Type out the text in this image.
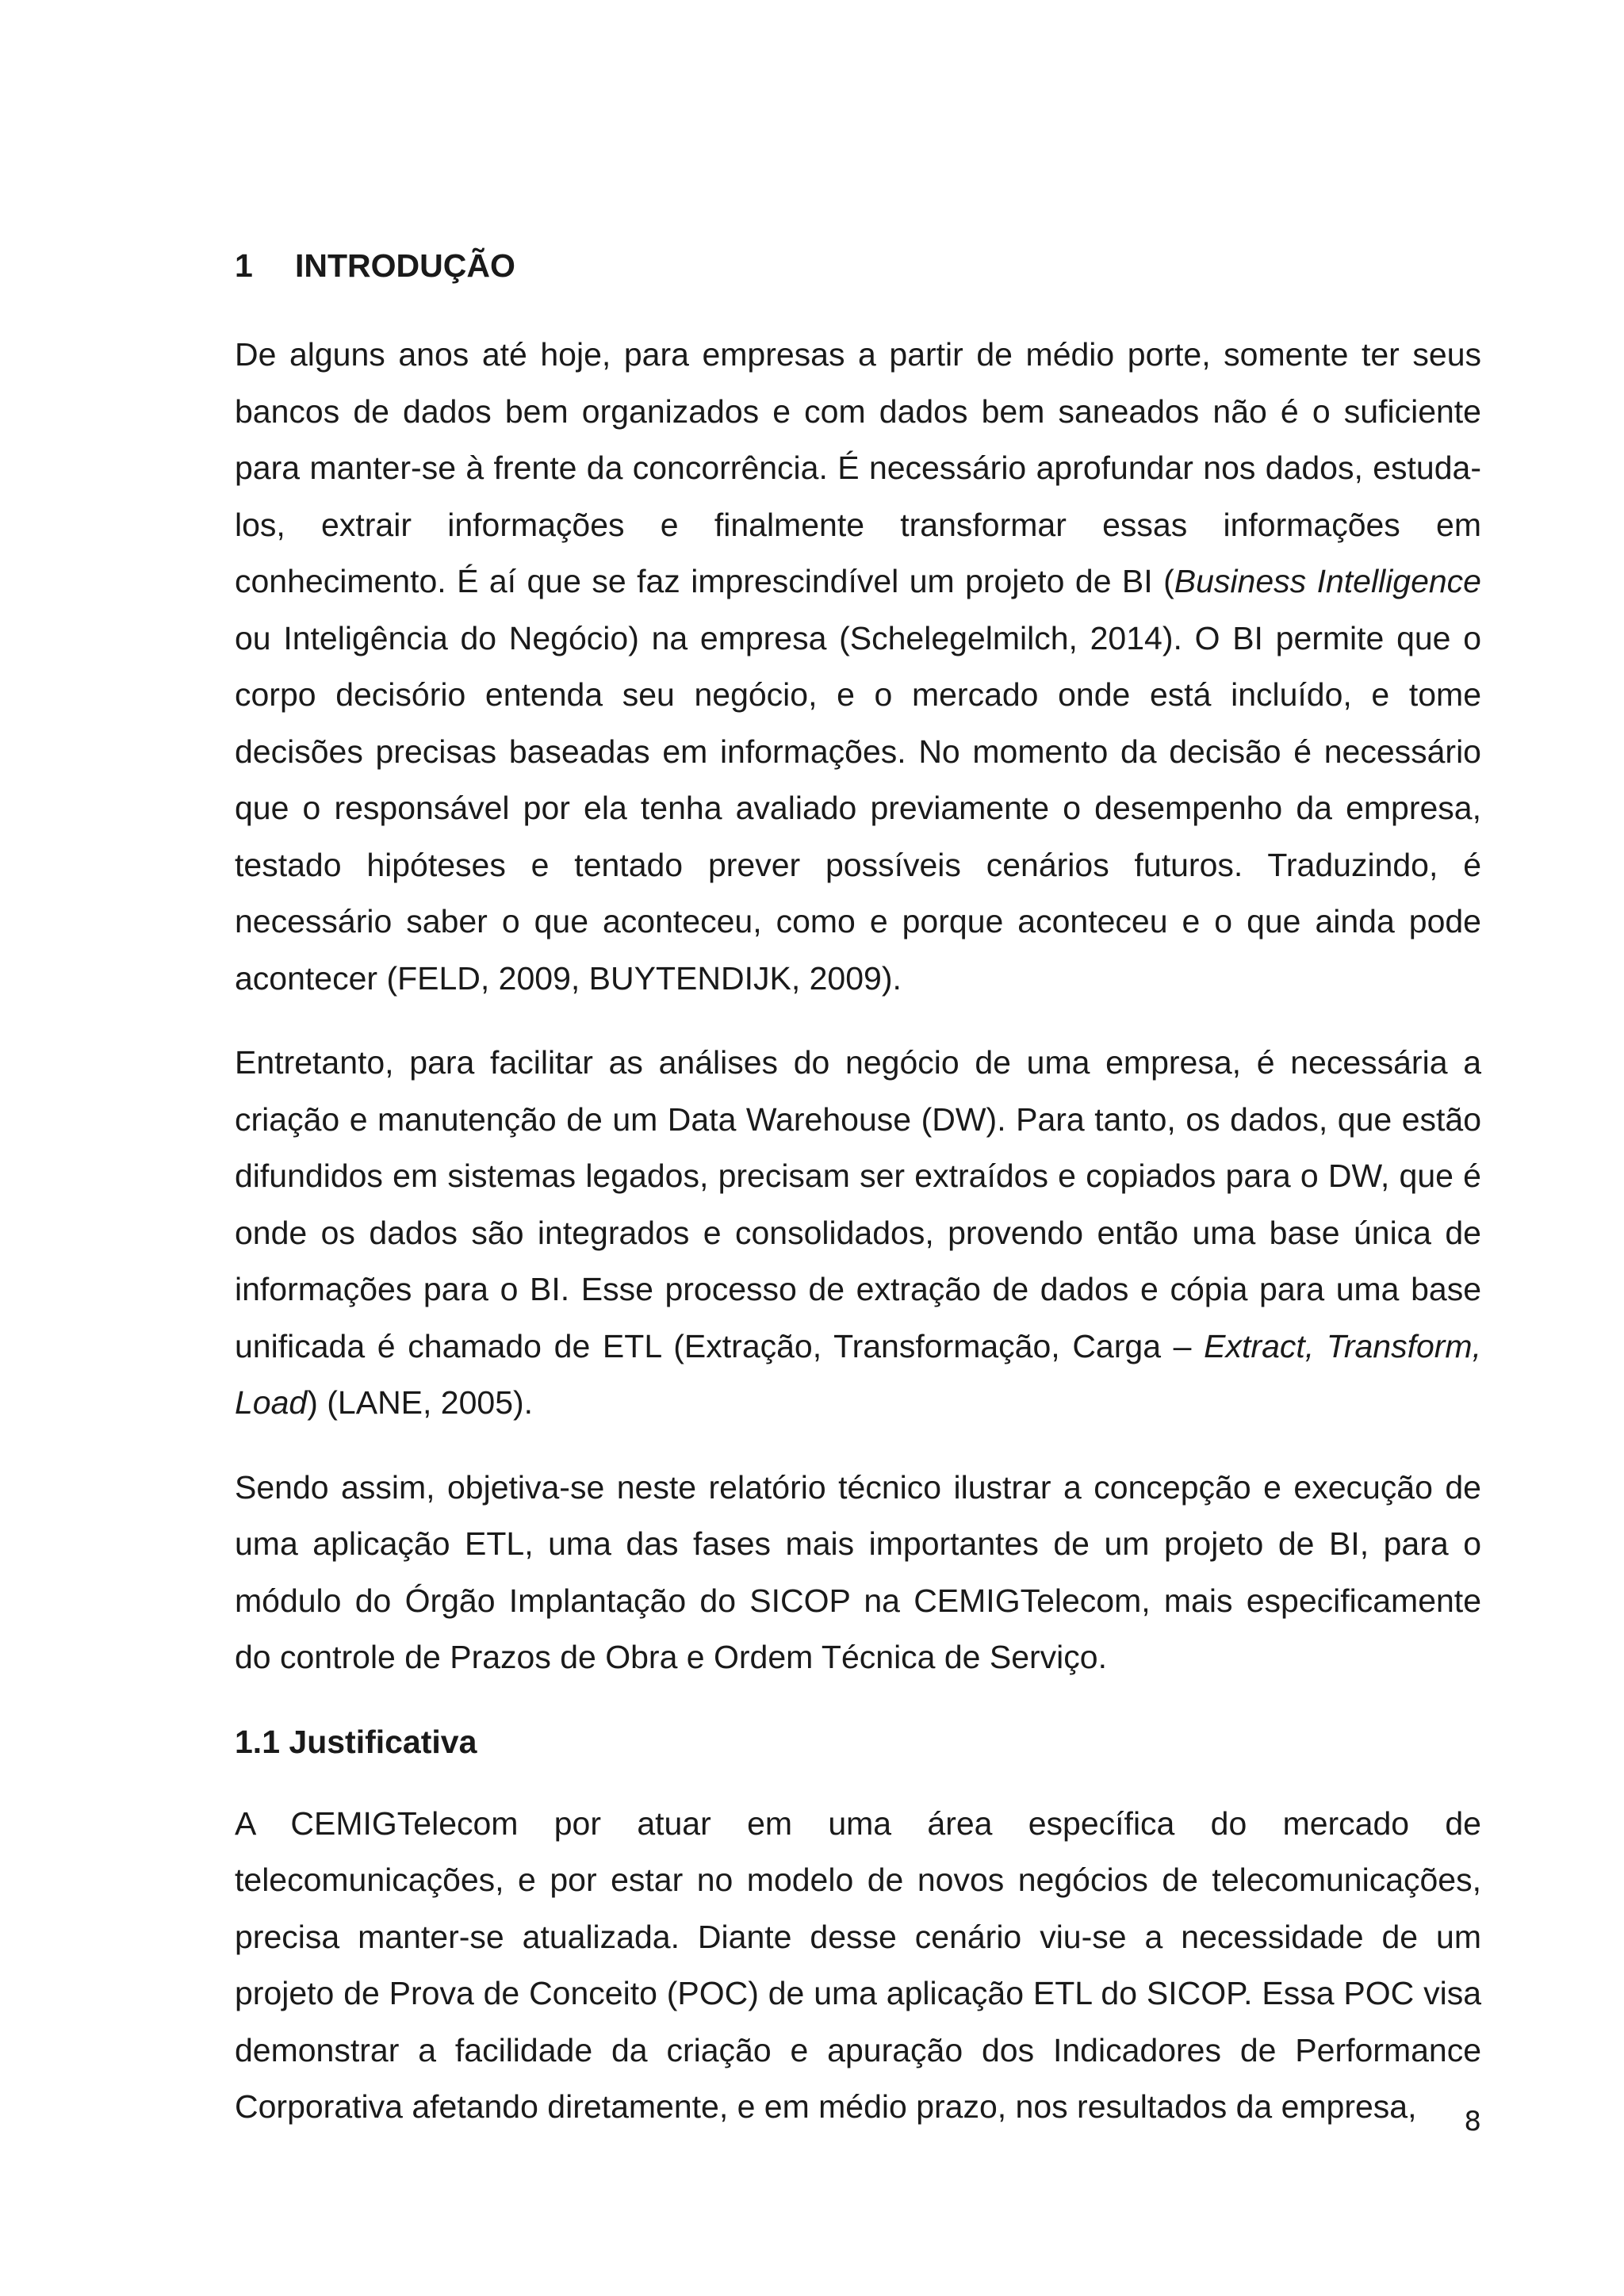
1	INTRODUÇÃO

De alguns anos até hoje, para empresas a partir de médio porte, somente ter seus bancos de dados bem organizados e com dados bem saneados não é o suficiente para manter-se à frente da concorrência. É necessário aprofundar nos dados, estuda-los, extrair informações e finalmente transformar essas informações em conhecimento. É aí que se faz imprescindível um projeto de BI (Business Intelligence ou Inteligência do Negócio) na empresa (Schelegelmilch, 2014). O BI permite que o corpo decisório entenda seu negócio, e o mercado onde está incluído, e tome decisões precisas baseadas em informações. No momento da decisão é necessário que o responsável por ela tenha avaliado previamente o desempenho da empresa, testado hipóteses e tentado prever possíveis cenários futuros. Traduzindo, é necessário saber o que aconteceu, como e porque aconteceu e o que ainda pode acontecer (FELD, 2009, BUYTENDIJK, 2009).

Entretanto, para facilitar as análises do negócio de uma empresa, é necessária a criação e manutenção de um Data Warehouse (DW). Para tanto, os dados, que estão difundidos em sistemas legados, precisam ser extraídos e copiados para o DW, que é onde os dados são integrados e consolidados, provendo então uma base única de informações para o BI. Esse processo de extração de dados e cópia para uma base unificada é chamado de ETL (Extração, Transformação, Carga – Extract, Transform, Load) (LANE, 2005).

Sendo assim, objetiva-se neste relatório técnico ilustrar a concepção e execução de uma aplicação ETL, uma das fases mais importantes de um projeto de BI, para o módulo do Órgão Implantação do SICOP na CEMIGTelecom, mais especificamente do controle de Prazos de Obra e Ordem Técnica de Serviço.

1.1 Justificativa

A CEMIGTelecom por atuar em uma área específica do mercado de telecomunicações, e por estar no modelo de novos negócios de telecomunicações, precisa manter-se atualizada. Diante desse cenário viu-se a necessidade de um projeto de Prova de Conceito (POC) de uma aplicação ETL do SICOP. Essa POC visa demonstrar a facilidade da criação e apuração dos Indicadores de Performance Corporativa afetando diretamente, e em médio prazo, nos resultados da empresa,	8
